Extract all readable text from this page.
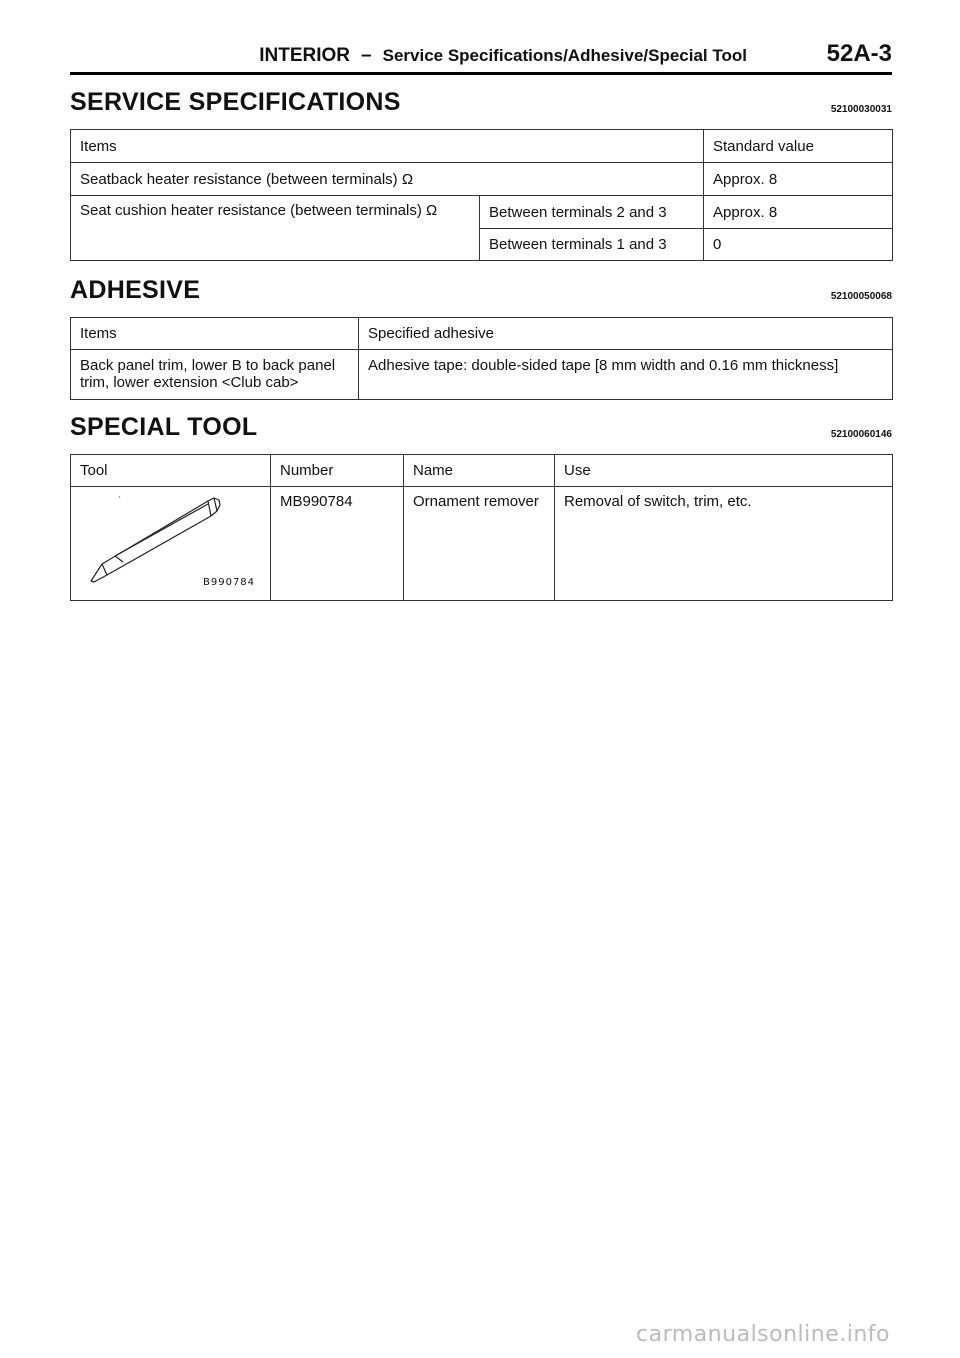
INTERIOR – Service Specifications/Adhesive/Special Tool	52A-3
SERVICE SPECIFICATIONS	52100030031
Items		Standard value
Seatback heater resistance (between terminals) Ω		Approx. 8
Seat cushion heater resistance (between terminals) Ω	Between terminals 2 and 3	Approx. 8
	Between terminals 1 and 3	0
ADHESIVE	52100050068
Items	Specified adhesive
Back panel trim, lower B to back panel trim, lower extension <Club cab>	Adhesive tape: double-sided tape [8 mm width and 0.16 mm thickness]
SPECIAL TOOL	52100060146
Tool	Number	Name	Use

B990784	MB990784	Ornament remover	Removal of switch, trim, etc.
carmanualsonline.info
